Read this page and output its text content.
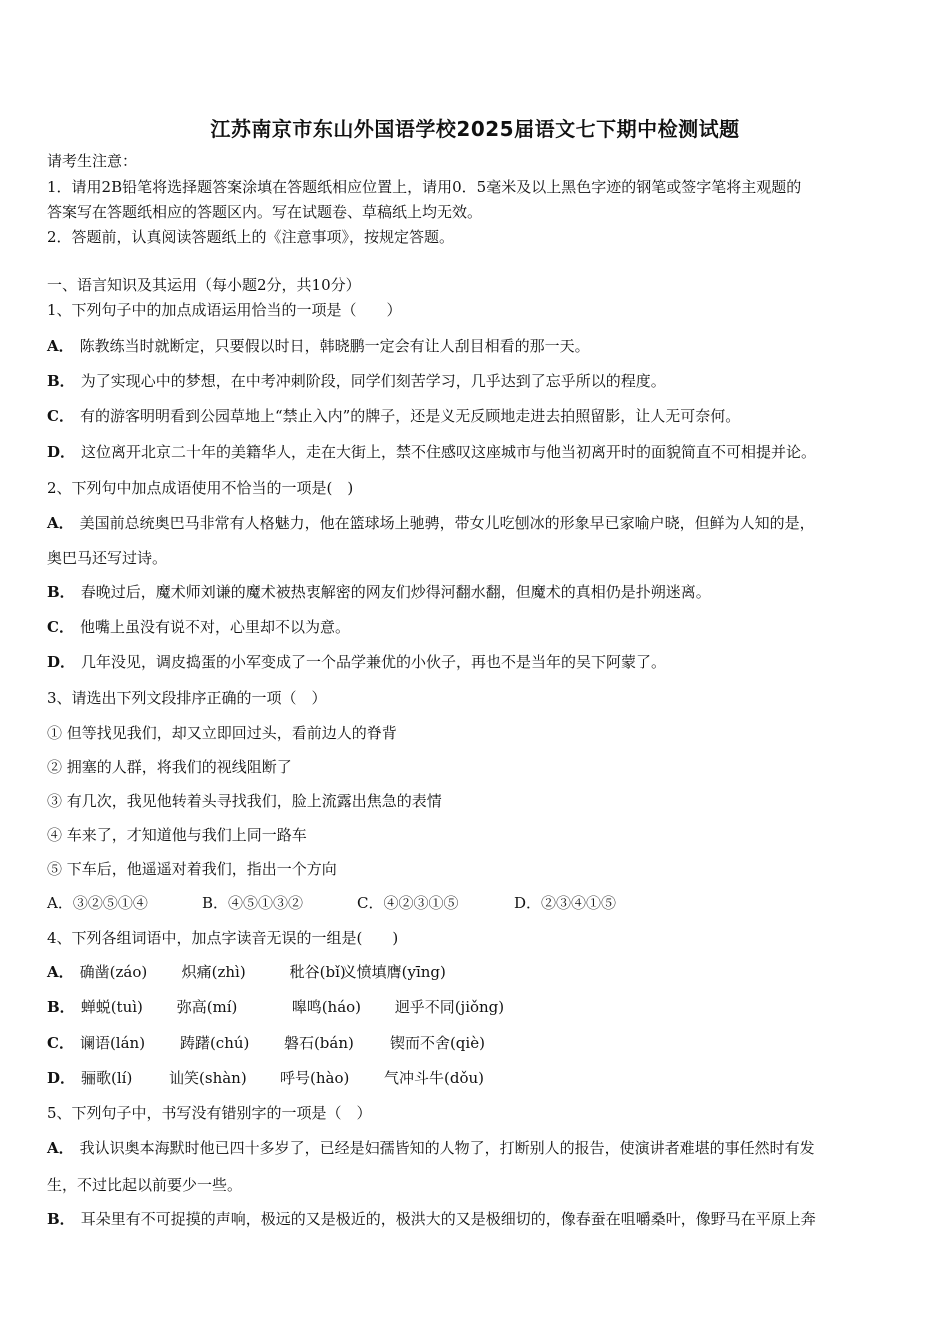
江苏南京市东山外国语学校2025届语文七下期中检测试题
请考生注意：
1．请用2B铅笔将选择题答案涂填在答题纸相应位置上，请用0．5毫米及以上黑色字迹的钢笔或签字笔将主观题的
答案写在答题纸相应的答题区内。写在试题卷、草稿纸上均无效。
2．答题前，认真阅读答题纸上的《注意事项》，按规定答题。
一、语言知识及其运用（每小题2分，共10分）
1、下列句子中的加点成语运用恰当的一项是（　　）
A． 陈教练当时就断定，只要假以时日，韩晓鹏一定会有让人刮目相看的那一天。
B． 为了实现心中的梦想，在中考冲刺阶段，同学们刻苦学习，几乎达到了忘乎所以的程度。
C． 有的游客明明看到公园草地上“禁止入内”的牌子，还是义无反顾地走进去拍照留影，让人无可奈何。
D． 这位离开北京二十年的美籍华人，走在大街上，禁不住感叹这座城市与他当初离开时的面貌简直不可相提并论。
2、下列句中加点成语使用不恰当的一项是(　)
A． 美国前总统奥巴马非常有人格魅力，他在篮球场上驰骋，带女儿吃刨冰的形象早已家喻户晓，但鲜为人知的是，
奥巴马还写过诗。
B． 春晚过后，魔术师刘谦的魔术被热衷解密的网友们炒得河翻水翻，但魔术的真相仍是扑朔迷离。
C． 他嘴上虽没有说不对，心里却不以为意。
D． 几年没见，调皮捣蛋的小军变成了一个品学兼优的小伙子，再也不是当年的吴下阿蒙了。
3、请选出下列文段排序正确的一项（　）
① 但等找见我们，却又立即回过头，看前边人的脊背
② 拥塞的人群，将我们的视线阻断了
③ 有几次，我见他转着头寻找我们，脸上流露出焦急的表情
④ 车来了，才知道他与我们上同一路车
⑤ 下车后，他遥遥对着我们，指出一个方向
A．③②⑤①④	B．④⑤①③②	C．④②③①⑤	D．②③④①⑤
4、下列各组词语中，加点字读音无误的一组是(　　)
A． 确凿(záo) 炽痛(zhì)	秕谷(bǐ)义愤填膺(yīng)
B． 蝉蜕(tuì) 弥高(mí)	嗥鸣(háo) 迥乎不同(jiǒng)
C． 谰语(lán) 踌躇(chú) 磐石(bán) 锲而不舍(qiè)
D． 骊歌(lí) 讪笑(shàn) 呼号(hào) 气冲斗牛(dǒu)
5、下列句子中，书写没有错别字的一项是（　）
A． 我认识奥本海默时他已四十多岁了，已经是妇孺皆知的人物了，打断别人的报告，使演讲者难堪的事任然时有发
生，不过比起以前要少一些。
B． 耳朵里有不可捉摸的声响，极远的又是极近的，极洪大的又是极细切的，像春蚕在咀嚼桑叶，像野马在平原上奔
